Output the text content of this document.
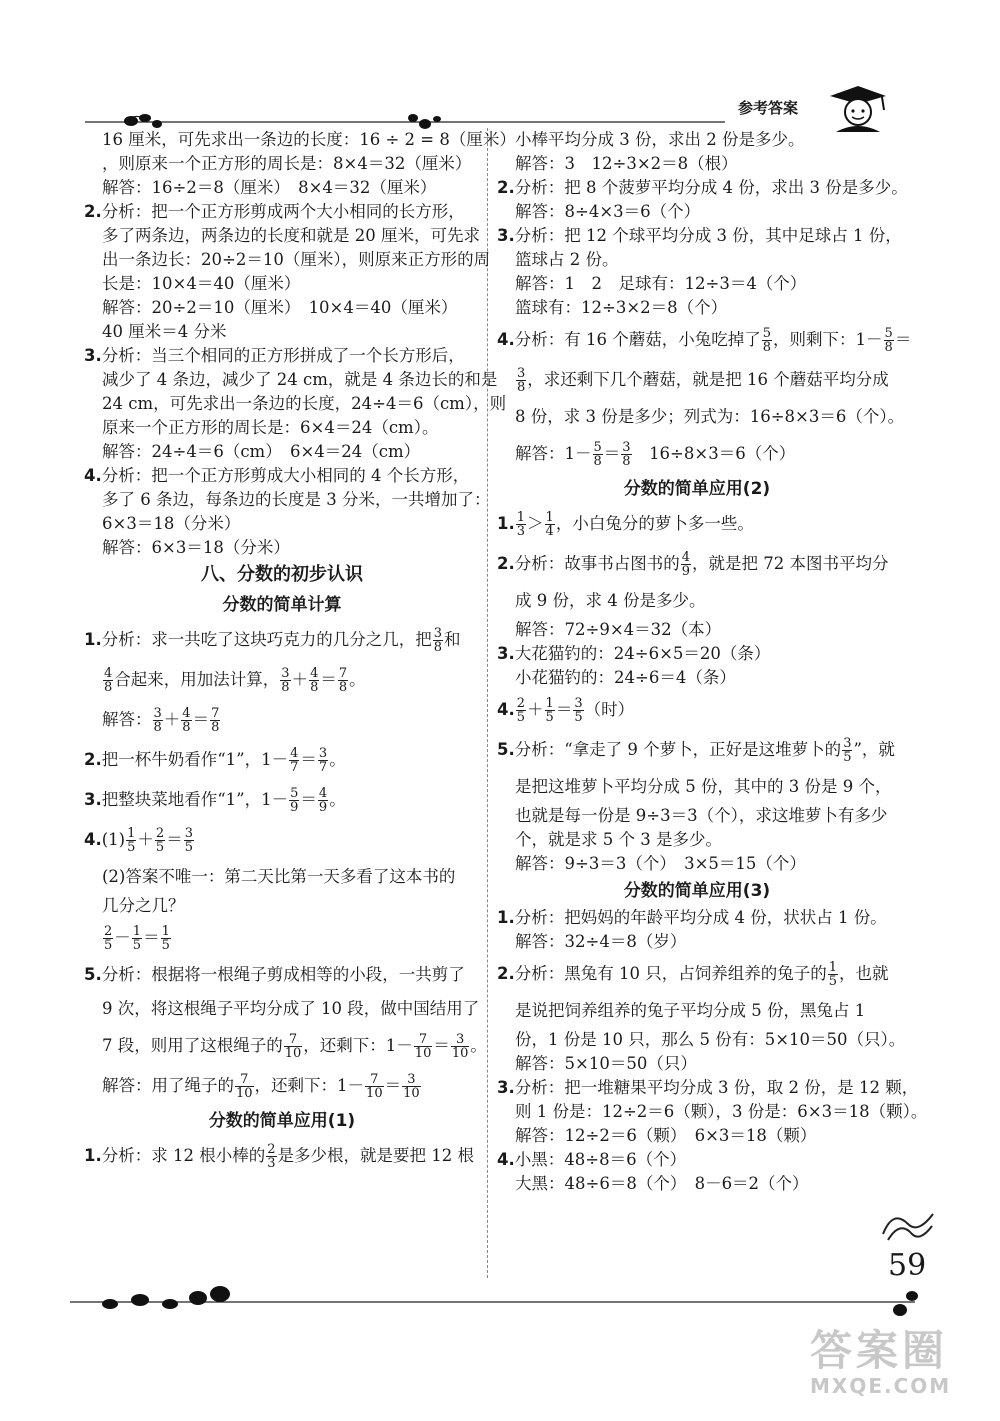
参考答案
16 厘米，可先求出一条边的长度：16 ÷ 2 = 8（厘米）
，则原来一个正方形的周长是：8×4＝32（厘米）
解答：16÷2＝8（厘米）　8×4＝32（厘米）
2.分析：把一个正方形剪成两个大小相同的长方形，
多了两条边，两条边的长度和就是 20 厘米，可先求
出一条边长：20÷2＝10（厘米），则原来正方形的周
长是：10×4＝40（厘米）
解答：20÷2＝10（厘米）　10×4＝40（厘米）
40 厘米＝4 分米
3.分析：当三个相同的正方形拼成了一个长方形后，
减少了 4 条边，减少了 24 cm，就是 4 条边长的和是
24 cm，可先求出一条边的长度，24÷4＝6（cm），则
原来一个正方形的周长是：6×4＝24（cm）。
解答：24÷4＝6（cm）　6×4＝24（cm）
4.分析：把一个正方形剪成大小相同的 4 个长方形，
多了 6 条边，每条边的长度是 3 分米，一共增加了：
6×3＝18（分米）
解答：6×3＝18（分米）
八、分数的初步认识
分数的简单计算
1.分析：求一共吃了这块巧克力的几分之几，把 $\frac{3}{8}$ 和
$\frac{4}{8}$ 合起来，用加法计算， $\frac{3}{8} + \frac{4}{8} = \frac{7}{8}$ 。
解答： $\frac{3}{8} + \frac{4}{8} = \frac{7}{8}$
2.把一杯牛奶看作“1”，$1- \frac{4}{7} = \frac{3}{7}$ 。
3.把整块菜地看作“1”，$1- \frac{5}{9} = \frac{4}{9}$ 。
$4.(1) \frac{1}{5} + \frac{2}{5} = \frac{3}{5}$
(2)答案不唯一：第二天比第一天多看了这本书的
几分之几？
$\frac{2}{5} - \frac{1}{5} = \frac{1}{5}$
5.分析：根据将一根绳子剪成相等的小段，一共剪了
9 次，将这根绳子平均分成了 10 段，做中国结用了
7 段，则用了这根绳子的 $\frac{7}{10}$ ，还剩下：$1- \frac{7}{10} = \frac{3}{10}$ 。
解答：用了绳子的 $\frac{7}{10}$ ，还剩下：$1- \frac{7}{10} = \frac{3}{10}$
分数的简单应用(1)
1.分析：求 12 根小棒的 $\frac{2}{3}$ 是多少根，就是要把 12 根
小棒平均分成 3 份，求出 2 份是多少。
解答：3　12÷3×2＝8（根）
2.分析：把 8 个菠萝平均分成 4 份，求出 3 份是多少。
解答：8÷4×3＝6（个）
3.分析：把 12 个球平均分成 3 份，其中足球占 1 份，
篮球占 2 份。
解答：1　2　足球有：12÷3＝4（个）
篮球有：12÷3×2＝8（个）
4.分析：有 16 个蘑菇，小兔吃掉了 $\frac{5}{8}$ ，则剩下：$1- \frac{5}{8}$ ＝
$\frac{3}{8}$ ，求还剩下几个蘑菇，就是把 16 个蘑菇平均分成
8 份，求 3 份是多少；列式为：16÷8×3＝6（个）。
解答：$1- \frac{5}{8} = \frac{3}{8}$
　 16÷8×3＝6（个）
分数的简单应用(2)
1. $\frac{1}{3} > \frac{1}{4}$ ，小白兔分的萝卜多一些。
2.分析：故事书占图书的 $\frac{4}{9}$ ，就是把 72 本图书平均分
成 9 份，求 4 份是多少。
解答：72÷9×4＝32（本）
3.大花猫钓的：24÷6×5＝20（条）
小花猫钓的：24÷6＝4（条）
4. $\frac{2}{5} + \frac{1}{5} = \frac{3}{5}$ （时）
5.分析：“拿走了 9 个萝卜，正好是这堆萝卜的 $\frac{3}{5}$ ”，就
是把这堆萝卜平均分成 5 份，其中的 3 份是 9 个，
也就是每一份是 9÷3＝3（个），求这堆萝卜有多少
个，就是求 5 个 3 是多少。
解答：9÷3＝3（个）　3×5＝15（个）
分数的简单应用(3)
1.分析：把妈妈的年龄平均分成 4 份，状状占 1 份。
解答：32÷4＝8（岁）
2.分析：黑兔有 10 只，占饲养组养的兔子的 $\frac{1}{5}$ ，也就
是说把饲养组养的兔子平均分成 5 份，黑兔占 1
份，1 份是 10 只，那么 5 份有：5×10＝50（只）。
解答：5×10＝50（只）
3.分析：把一堆糖果平均分成 3 份，取 2 份，是 12 颗，
则 1 份是：12÷2＝6（颗），3 份是：6×3＝18（颗）。
解答：12÷2＝6（颗）　6×3＝18（颗）
4.小黑：48÷8＝6（个）
大黑：48÷6＝8（个）　8－6＝2（个）
59
答案圈
MXQE.COM
